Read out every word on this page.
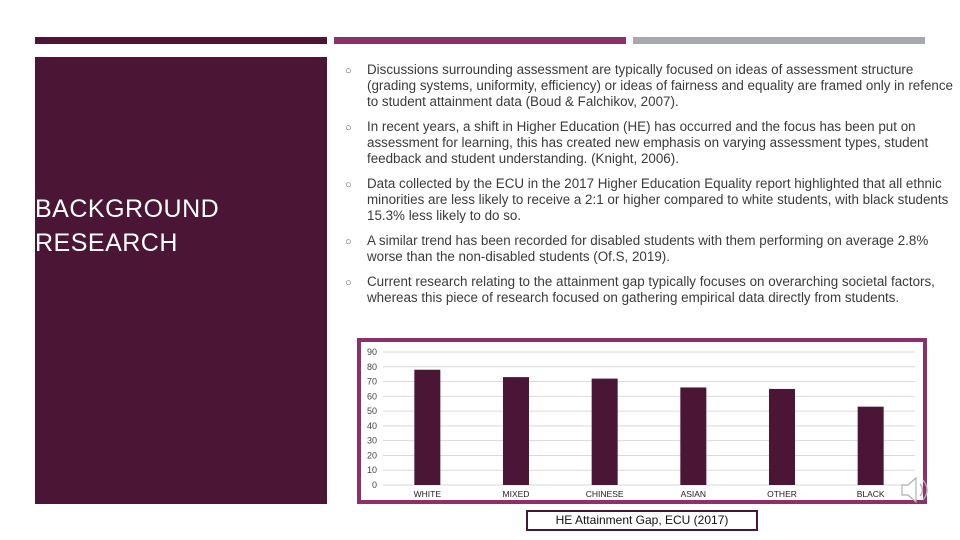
BACKGROUND
RESEARCH
○ Discussions surrounding assessment are typically focused on ideas of assessment structure (grading systems, uniformity, efficiency) or ideas of fairness and equality are framed only in refence to student attainment data (Boud & Falchikov, 2007).
○ In recent years, a shift in Higher Education (HE) has occurred and the focus has been put on assessment for learning, this has created new emphasis on varying assessment types, student feedback and student understanding. (Knight, 2006).
○ Data collected by the ECU in the 2017 Higher Education Equality report highlighted that all ethnic minorities are less likely to receive a 2:1 or higher compared to white students, with black students 15.3% less likely to do so.
○ A similar trend has been recorded for disabled students with them performing on average 2.8% worse than the non-disabled students (Of.S, 2019).
○ Current research relating to the attainment gap typically focuses on overarching societal factors, whereas this piece of research focused on gathering empirical data directly from students.
0
10
20
30
40
50
60
70
80
90
WHITE	MIXED	CHINESE	ASIAN	OTHER	BLACK
HE Attainment Gap, ECU (2017)
